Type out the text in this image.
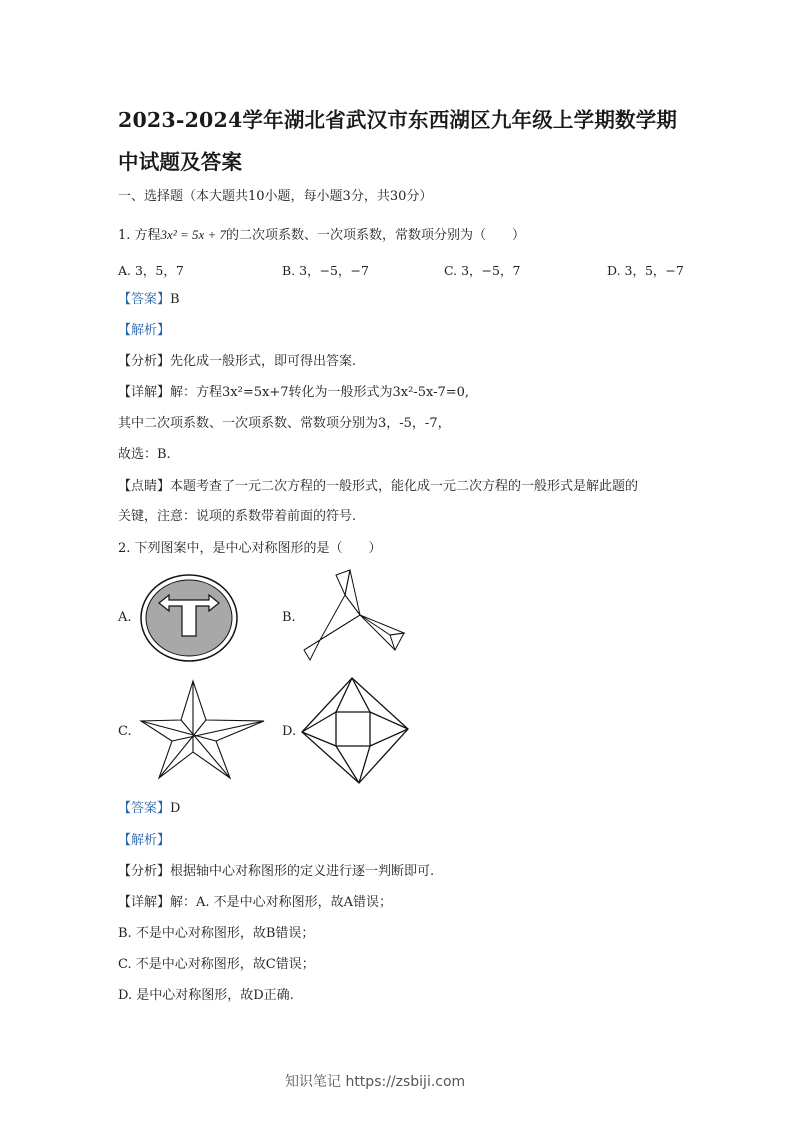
2023-2024学年湖北省武汉市东西湖区九年级上学期数学期
中试题及答案
一、选择题（本大题共10小题，每小题3分，共30分）
1. 方程3x² = 5x + 7的二次项系数、一次项系数，常数项分别为（　　）
A. 3，5，7	B. 3，−5，−7	C. 3，−5，7	D. 3，5，−7
【答案】B
【解析】
【分析】先化成一般形式，即可得出答案.
【详解】解：方程3x²=5x+7转化为一般形式为3x²-5x-7=0,
其中二次项系数、一次项系数、常数项分别为3，-5，-7，
故选：B.
【点睛】本题考查了一元二次方程的一般形式，能化成一元二次方程的一般形式是解此题的
关键，注意：说项的系数带着前面的符号.
2. 下列图案中，是中心对称图形的是（　　）
A.	B.
C.	D.
【答案】D
【解析】
【分析】根据轴中心对称图形的定义进行逐一判断即可.
【详解】解：A. 不是中心对称图形，故A错误；
B. 不是中心对称图形，故B错误；
C. 不是中心对称图形，故C错误；
D. 是中心对称图形，故D正确.
知识笔记 https://zsbiji.com
